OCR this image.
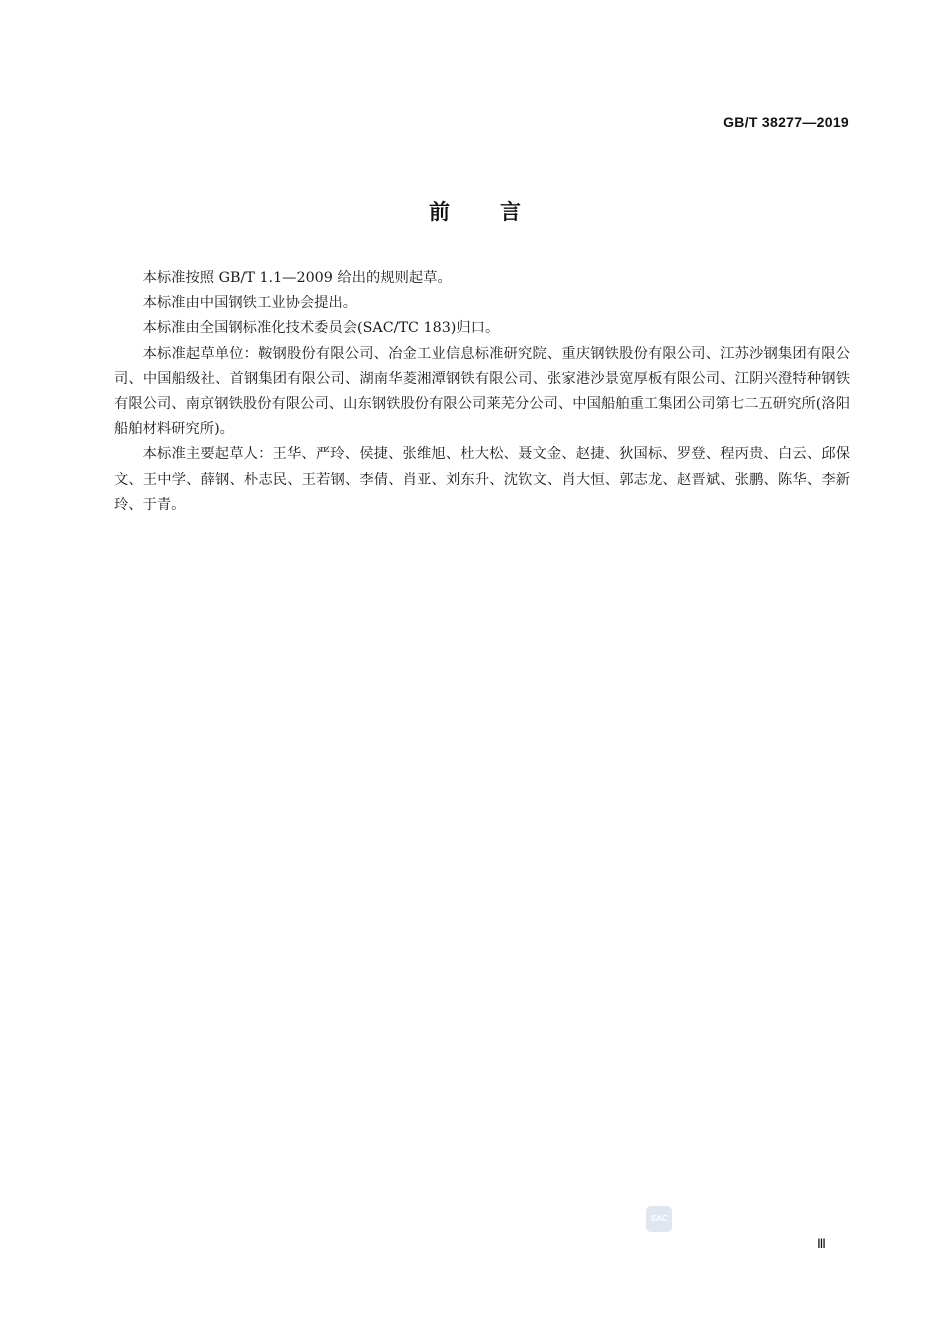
GB/T 38277—2019
前言

本标准按照 GB/T 1.1—2009 给出的规则起草。

本标准由中国钢铁工业协会提出。

本标准由全国钢标准化技术委员会(SAC/TC 183)归口。

本标准起草单位：鞍钢股份有限公司、冶金工业信息标准研究院、重庆钢铁股份有限公司、江苏沙钢集团有限公司、中国船级社、首钢集团有限公司、湖南华菱湘潭钢铁有限公司、张家港沙景宽厚板有限公司、江阴兴澄特种钢铁有限公司、南京钢铁股份有限公司、山东钢铁股份有限公司莱芜分公司、中国船舶重工集团公司第七二五研究所(洛阳船舶材料研究所)。

本标准主要起草人：王华、严玲、侯捷、张维旭、杜大松、聂文金、赵捷、狄国标、罗登、程丙贵、白云、邱保文、王中学、薛钢、朴志民、王若钢、李倩、肖亚、刘东升、沈钦文、肖大恒、郭志龙、赵晋斌、张鹏、陈华、李新玲、于青。

SAC
Ⅲ
